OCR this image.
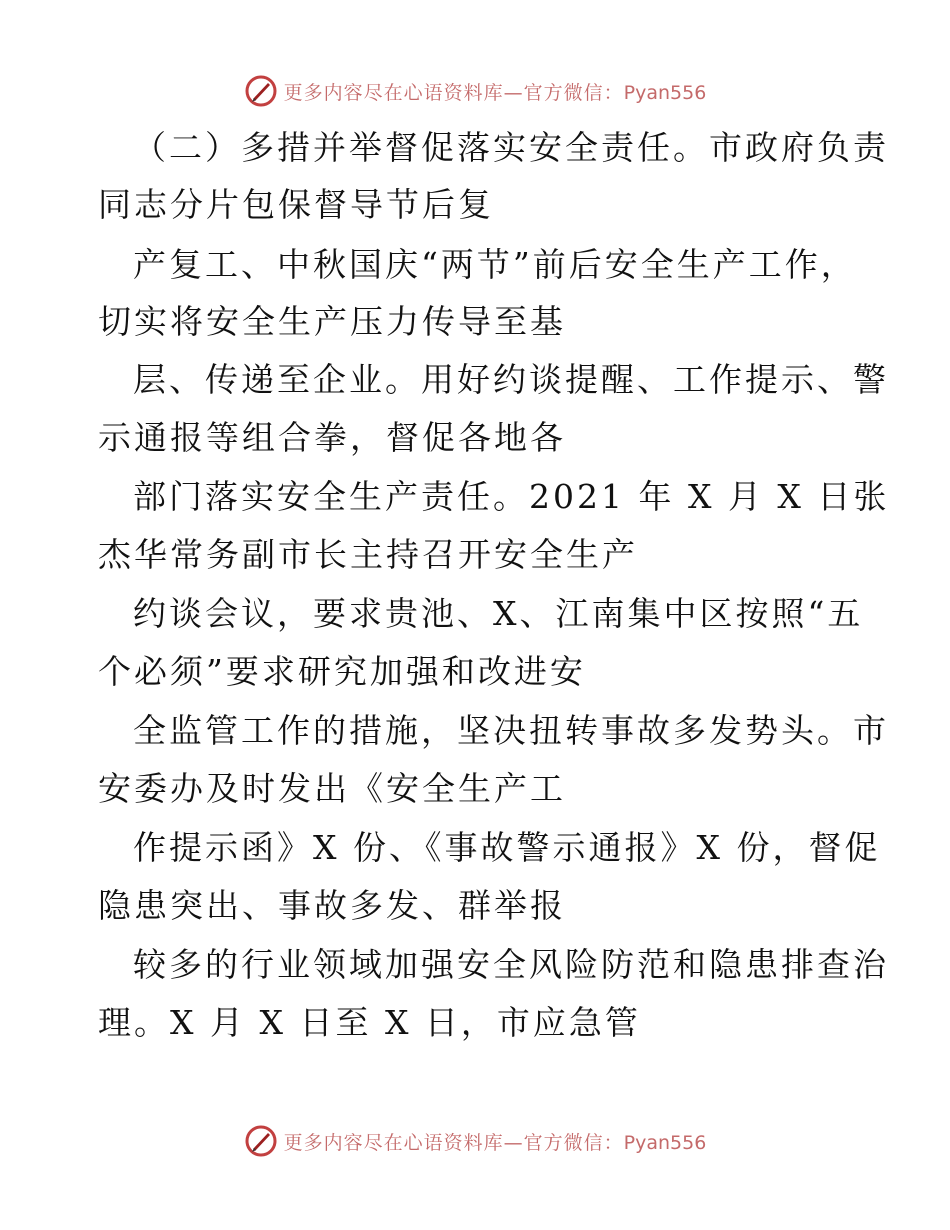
更多内容尽在心语资料库—官方微信：Pyan556
（二）多措并举督促落实安全责任。市政府负责
同志分片包保督导节后复
产复工、中秋国庆“两节”前后安全生产工作，
切实将安全生产压力传导至基
层、传递至企业。用好约谈提醒、工作提示、警
示通报等组合拳，督促各地各
部门落实安全生产责任。2021 年 X 月 X 日张
杰华常务副市长主持召开安全生产
约谈会议，要求贵池、X、江南集中区按照“五
个必须”要求研究加强和改进安
全监管工作的措施，坚决扭转事故多发势头。市
安委办及时发出《安全生产工
作提示函》X 份、《事故警示通报》X 份，督促
隐患突出、事故多发、群举报
较多的行业领域加强安全风险防范和隐患排查治
理。X 月 X 日至 X 日，市应急管
更多内容尽在心语资料库—官方微信：Pyan556
